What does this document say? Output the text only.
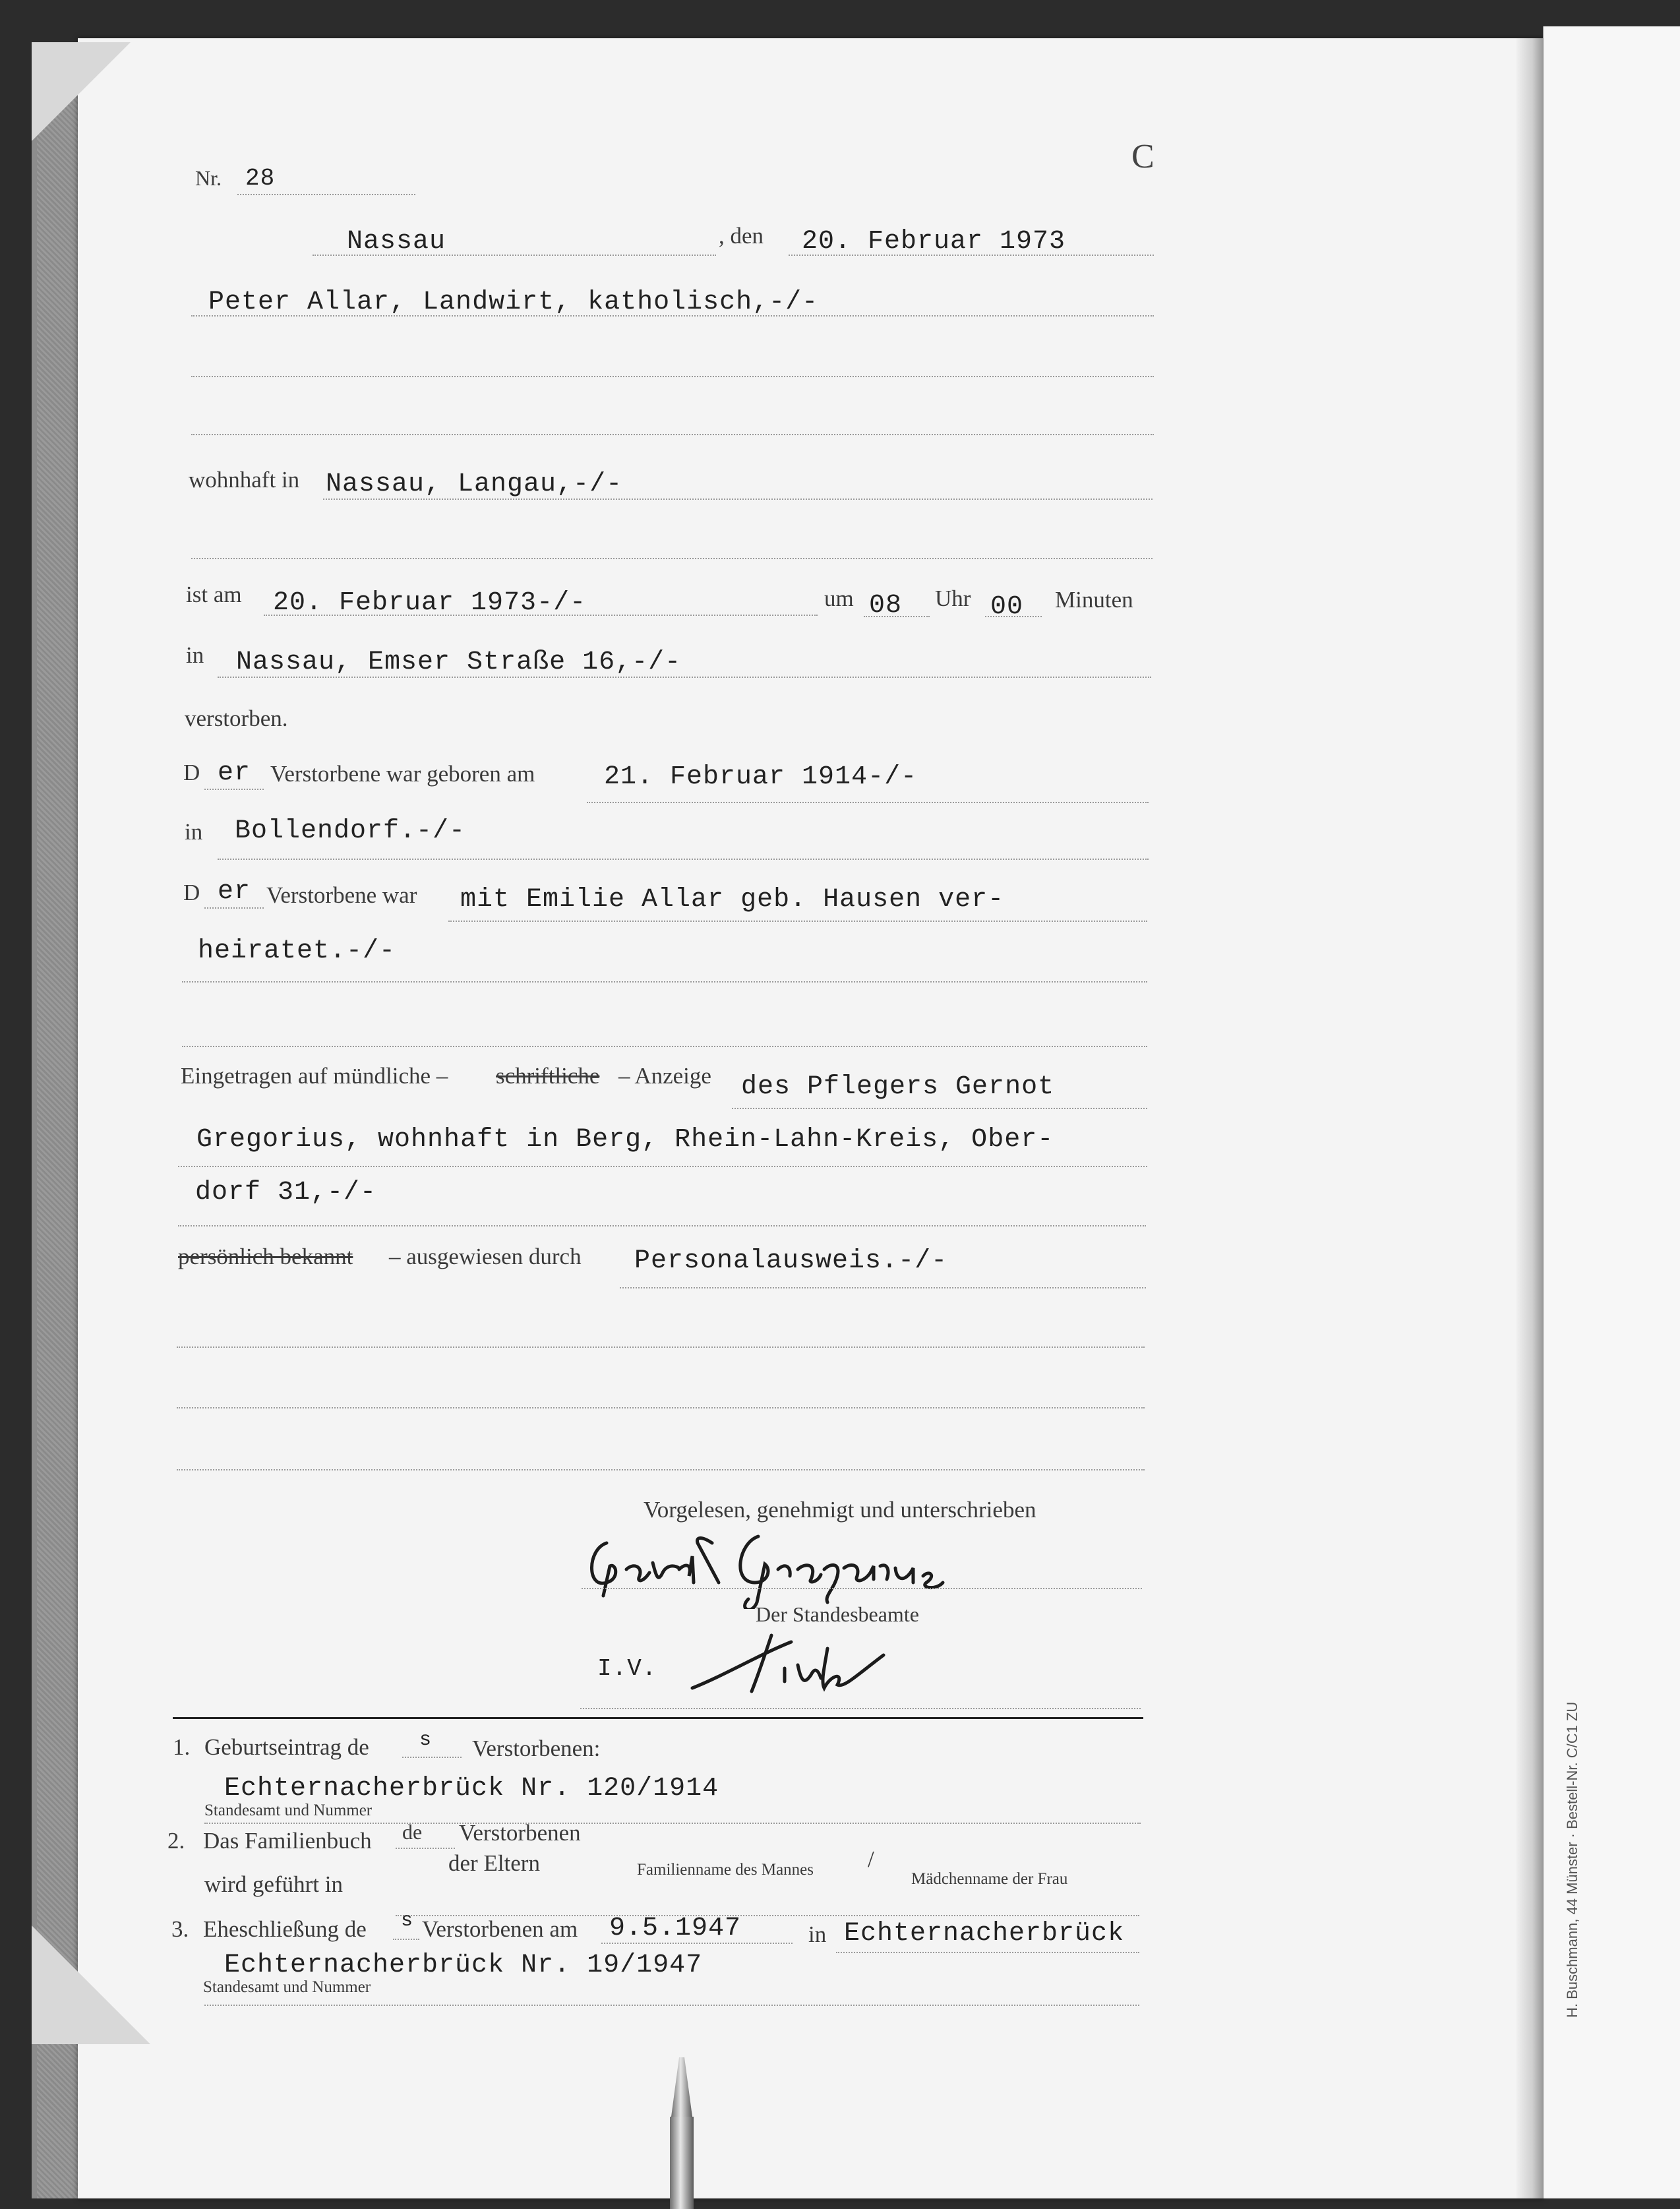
C
Nr. 28
Nassau	, den 20. Februar 1973
Peter Allar, Landwirt, katholisch,-/-
wohnhaft in Nassau, Langau,-/-
ist am 20. Februar 1973-/-	um 08 Uhr 00 Minuten
in Nassau, Emser Straße 16,-/-
verstorben.
D er Verstorbene war geboren am	21. Februar 1914-/-
in Bollendorf.-/-
D er Verstorbene war mit Emilie Allar geb. Hausen ver-
heiratet.-/-
Eingetragen auf mündliche – schriftliche – Anzeige des Pflegers Gernot
Gregorius, wohnhaft in Berg, Rhein-Lahn-Kreis, Ober-
dorf 31,-/-
persönlich bekannt – ausgewiesen durch Personalausweis.-/-
Vorgelesen, genehmigt und unterschrieben
Gernot Gregorius
Der Standesbeamte
I.V.
1. Geburtseintrag de	s Verstorbenen:
Echternacherbrück Nr. 120/1914
Standesamt und Nummer
2. Das Familienbuch de Verstorbenen
der Eltern	Familienname des Mannes /
Mädchenname der Frau
wird geführt in
3. Eheschließung de s Verstorbenen am 9.5.1947	in Echternacherbrück
Echternacherbrück Nr. 19/1947
Standesamt und Nummer	H. Buschmann, 44 Münster · Bestell-Nr. C/C1 ZU
